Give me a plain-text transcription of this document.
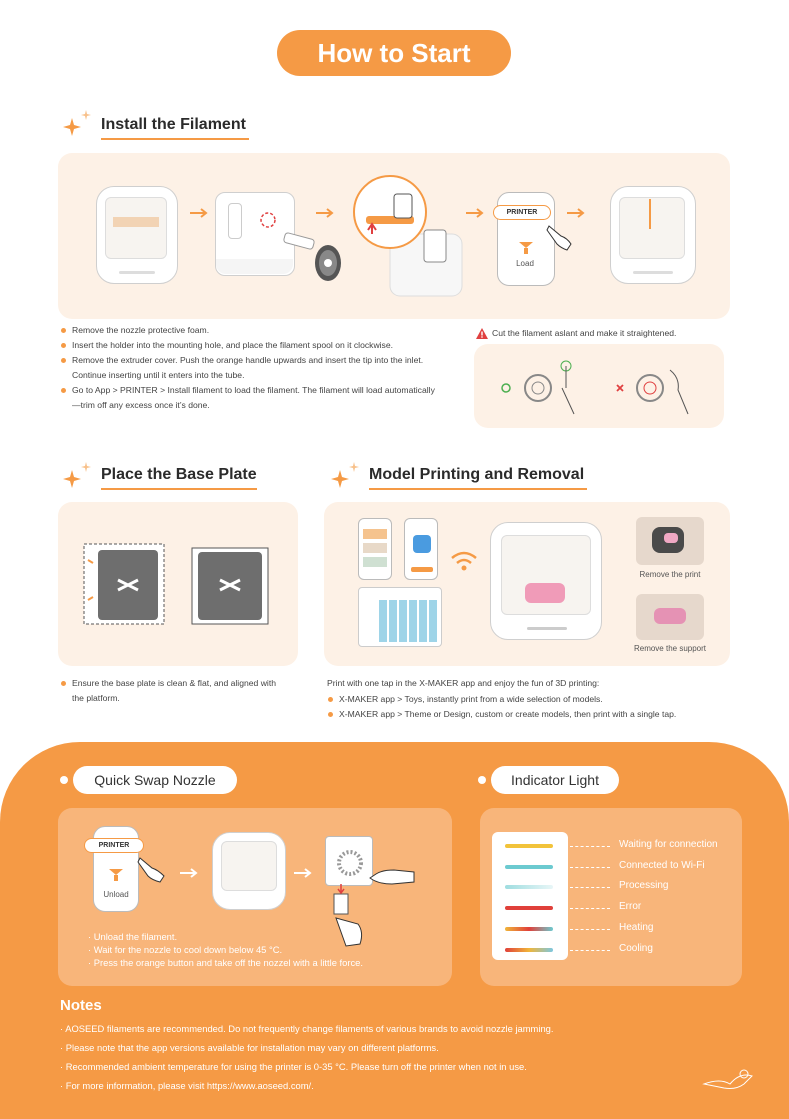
How to Start
Install the Filament
PRINTER
Load
Remove the nozzle protective foam.
Insert the holder into the mounting hole, and place the filament spool on it clockwise.
Remove the extruder cover. Push the orange handle upwards and insert the tip into the inlet. Continue inserting until it enters into the tube.
Go to App > PRINTER > Install filament to load the filament. The filament will load automatically—trim off any excess once it’s done.
Cut the filament aslant and make it straightened.
Place the Base Plate
Ensure the base plate is clean & flat, and aligned with the platform.
Model Printing and Removal
Remove the print
Remove the support
Print with one tap in the X-MAKER app and enjoy the fun of 3D printing:
X-MAKER app > Toys, instantly print from a wide selection of models.
X-MAKER app > Theme or Design, custom or create models, then print with a single tap.
Quick Swap Nozzle
PRINTER
Unload
· Unload the filament.
· Wait for the nozzle to cool down below 45 °C.
· Press the orange button and take off the nozzel with a little force.
Indicator Light
Waiting for connection
Connected to Wi-Fi
Processing
Error
Heating
Cooling
Notes
· AOSEED filaments are recommended. Do not frequently change filaments of various brands to avoid nozzle jamming.
· Please note that the app versions available for installation may vary on different platforms.
· Recommended ambient temperature for using the printer is 0-35 °C. Please turn off the printer when not in use.
· For more information, please visit https://www.aoseed.com/.
